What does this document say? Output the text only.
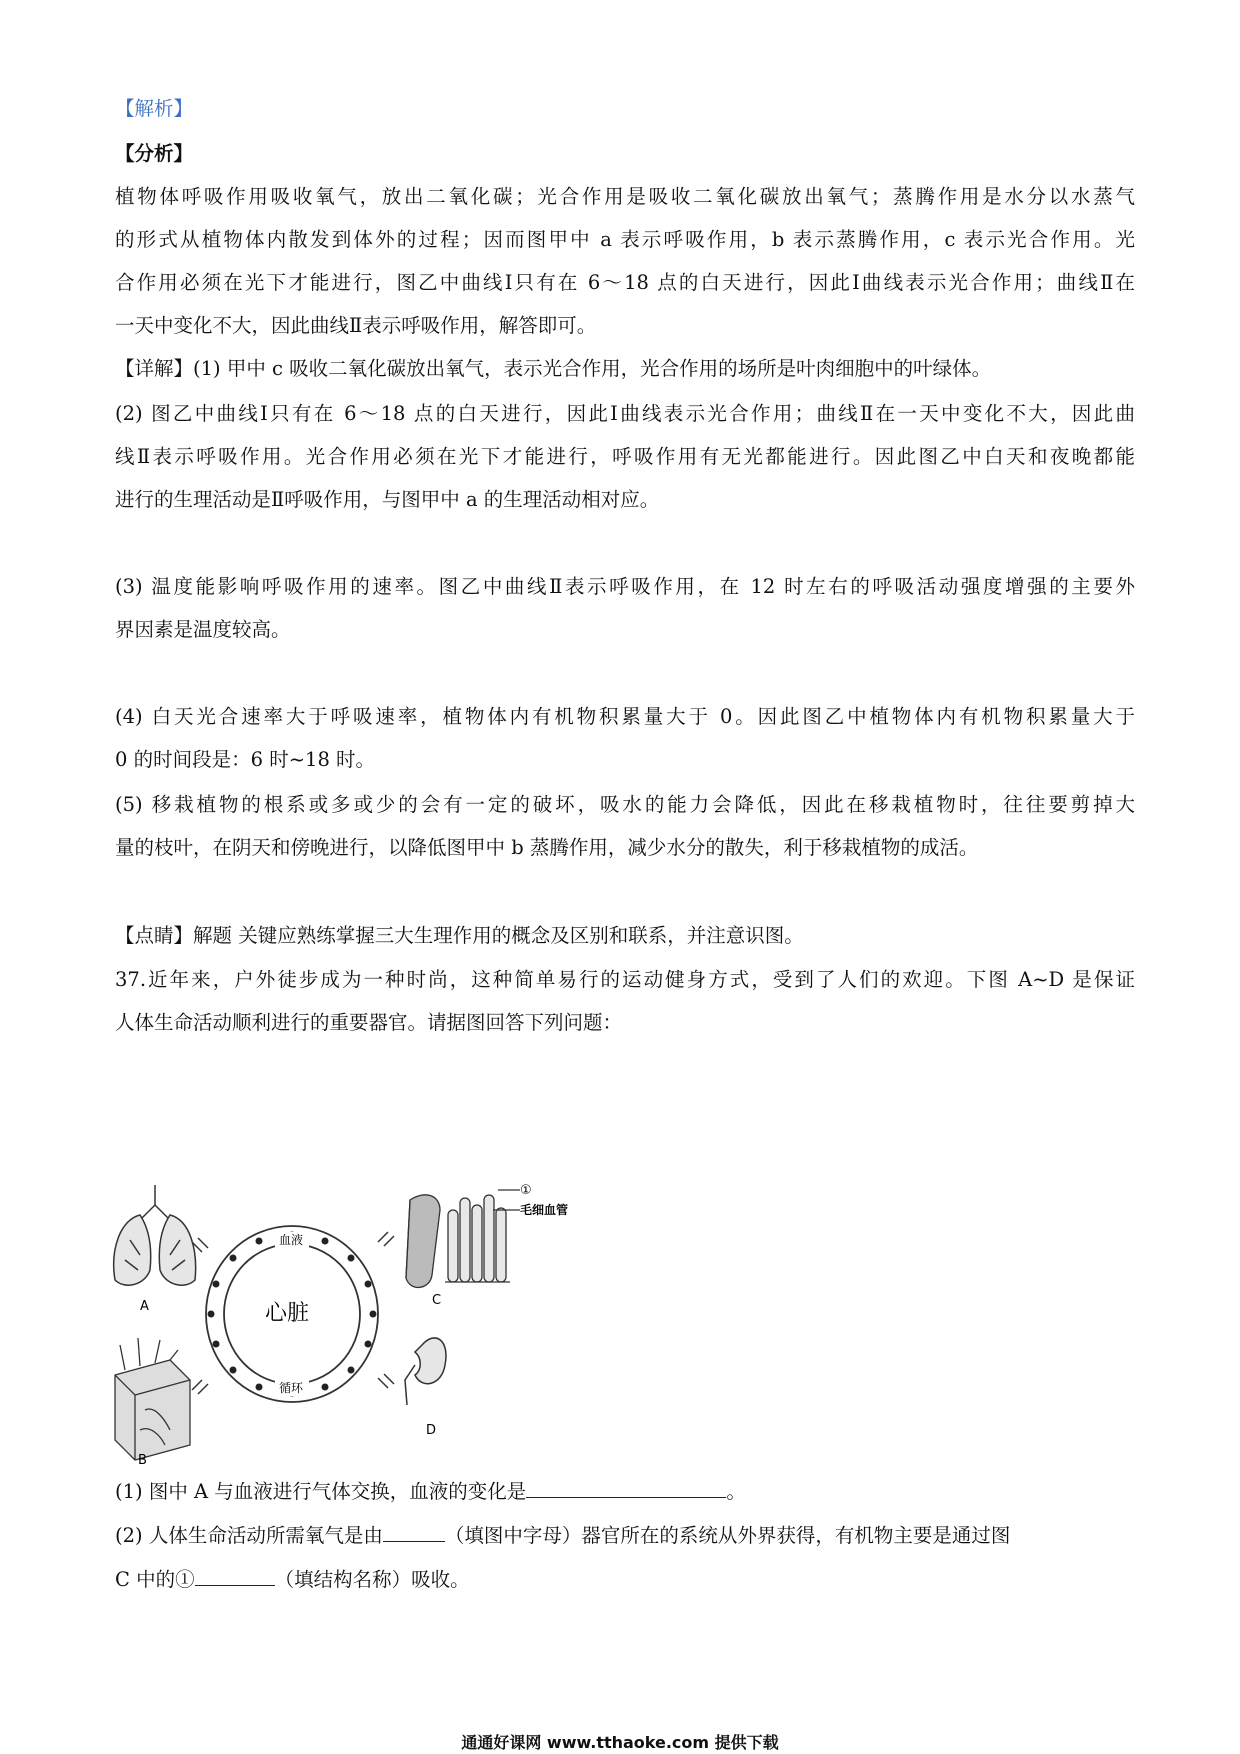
【解析】
【分析】
植物体呼吸作用吸收氧气，放出二氧化碳；光合作用是吸收二氧化碳放出氧气；蒸腾作用是水分以水蒸气
的形式从植物体内散发到体外的过程；因而图甲中 a 表示呼吸作用，b 表示蒸腾作用，c 表示光合作用。光
合作用必须在光下才能进行，图乙中曲线Ⅰ只有在 6～18 点的白天进行，因此Ⅰ曲线表示光合作用；曲线Ⅱ在
一天中变化不大，因此曲线Ⅱ表示呼吸作用，解答即可。
【详解】(1) 甲中 c 吸收二氧化碳放出氧气，表示光合作用，光合作用的场所是叶肉细胞中的叶绿体。
(2) 图乙中曲线Ⅰ只有在 6～18 点的白天进行，因此Ⅰ曲线表示光合作用；曲线Ⅱ在一天中变化不大，因此曲
线Ⅱ表示呼吸作用。光合作用必须在光下才能进行，呼吸作用有无光都能进行。因此图乙中白天和夜晚都能
进行的生理活动是Ⅱ呼吸作用，与图甲中 a 的生理活动相对应。
(3) 温度能影响呼吸作用的速率。图乙中曲线Ⅱ表示呼吸作用，在 12 时左右的呼吸活动强度增强的主要外
界因素是温度较高。
(4) 白天光合速率大于呼吸速率，植物体内有机物积累量大于 0。因此图乙中植物体内有机物积累量大于
0 的时间段是：6 时~18 时。
(5) 移栽植物的根系或多或少的会有一定的破坏，吸水的能力会降低，因此在移栽植物时，往往要剪掉大
量的枝叶，在阴天和傍晚进行，以降低图甲中 b 蒸腾作用，减少水分的散失，利于移栽植物的成活。
【点睛】解题 关键应熟练掌握三大生理作用的概念及区别和联系，并注意识图。
37.近年来，户外徒步成为一种时尚，这种简单易行的运动健身方式，受到了人们的欢迎。下图 A~D 是保证
人体生命活动顺利进行的重要器官。请据图回答下列问题：
A
B
血液
循环
心脏
①
毛细血管
C
D
(1) 图中 A 与血液进行气体交换，血液的变化是	。
(2) 人体生命活动所需氧气是由	（填图中字母）器官所在的系统从外界获得，有机物主要是通过图
C 中的①	（填结构名称）吸收。
通通好课网 www.tthaoke.com 提供下载
